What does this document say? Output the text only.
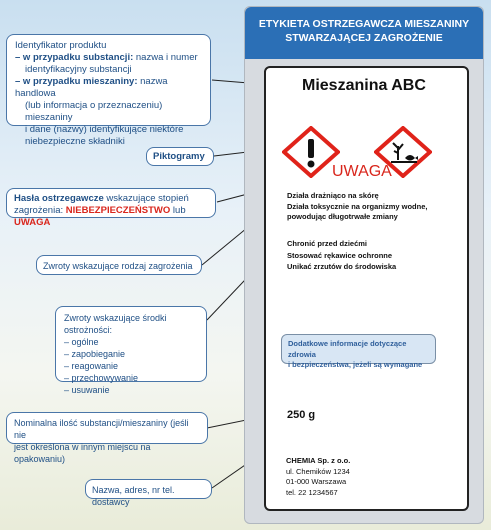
Identyfikator produktu
– w przypadku substancji: nazwa i numer
identyfikacyjny substancji
– w przypadku mieszaniny: nazwa handlowa
(lub informacja o przeznaczeniu) mieszaniny
i dane (nazwy) identyfikujące niektóre
niebezpieczne składniki
Piktogramy
Hasła ostrzegawcze wskazujące stopień
zagrożenia: NIEBEZPIECZEŃSTWO lub UWAGA
Zwroty wskazujące rodzaj zagrożenia
Zwroty wskazujące środki ostrożności:
– ogólne
– zapobieganie
– reagowanie
– przechowywanie
– usuwanie
Nominalna ilość substancji/mieszaniny (jeśli nie
jest określona w innym miejscu na opakowaniu)
Nazwa, adres, nr tel. dostawcy
ETYKIETA OSTRZEGAWCZA MIESZANINY
STWARZAJĄCEJ ZAGROŻENIE
Mieszanina ABC
UWAGA
Działa drażniąco na skórę
Działa toksycznie na organizmy wodne,
powodując długotrwałe zmiany
Chronić przed dziećmi
Stosować rękawice ochronne
Unikać zrzutów do środowiska
Dodatkowe informacje dotyczące zdrowia
i bezpieczeństwa, jeżeli są wymagane
250 g
CHEMIA Sp. z o.o.
ul. Chemików 1234
01-000 Warszawa
tel. 22 1234567
